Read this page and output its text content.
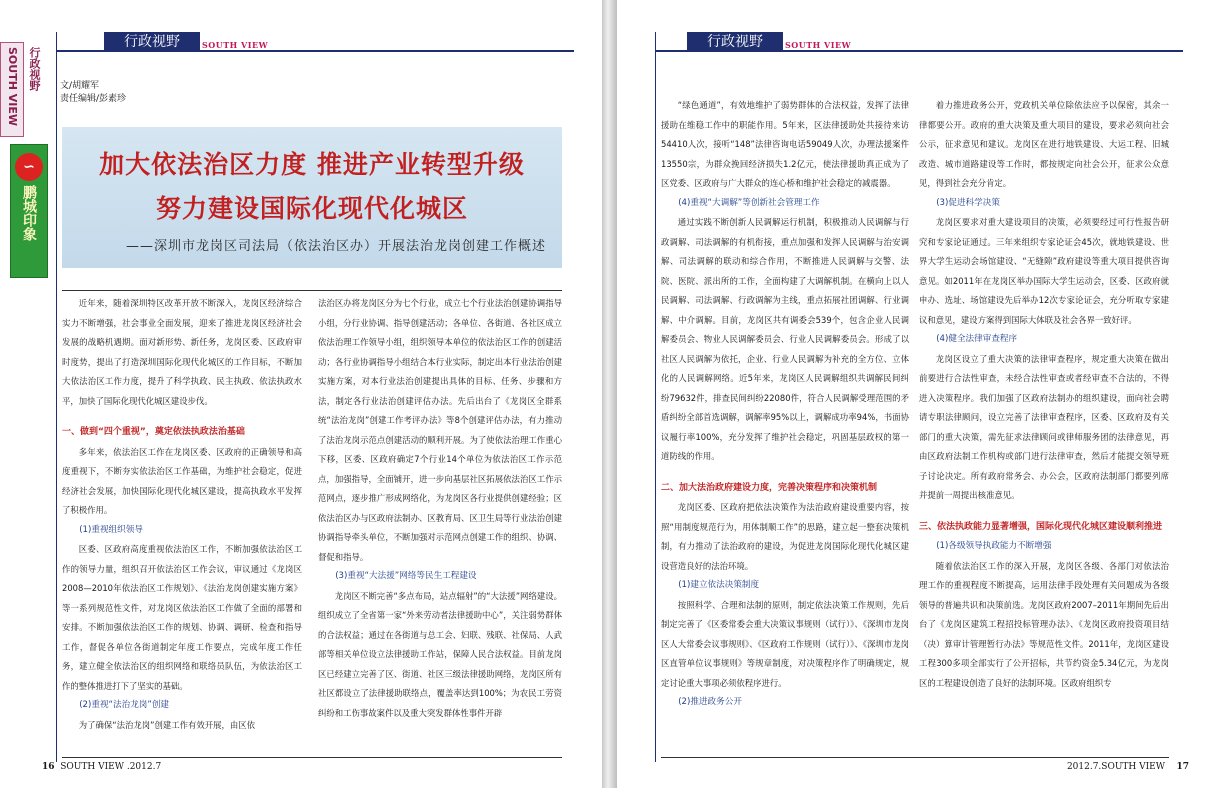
行政视野 SOUTH VIEW
∽
鹏城印象
行政视野	SOUTH VIEW
文/胡耀军
责任编辑/彭素珍
加大依法治区力度 推进产业转型升级
努力建设国际化现代化城区
——深圳市龙岗区司法局（依法治区办）开展法治龙岗创建工作概述

近年来，随着深圳特区改革开放不断深入，龙岗区经济综合实力不断增强，社会事业全面发展，迎来了推进龙岗区经济社会发展的战略机遇期。面对新形势、新任务，龙岗区委、区政府审时度势，提出了打造深圳国际化现代化城区的工作目标，不断加大依法治区工作力度，提升了科学执政、民主执政、依法执政水平，加快了国际化现代化城区建设步伐。

一、做到“四个重视”，奠定依法执政法治基础

多年来，依法治区工作在龙岗区委、区政府的正确领导和高度重视下，不断夯实依法治区工作基础，为维护社会稳定，促进经济社会发展，加快国际化现代化城区建设，提高执政水平发挥了积极作用。

(1)重视组织领导

区委、区政府高度重视依法治区工作，不断加强依法治区工作的领导力量，组织召开依法治区工作会议，审议通过《龙岗区2008—2010年依法治区工作规划》、《法治龙岗创建实施方案》等一系列规范性文件，对龙岗区依法治区工作做了全面的部署和安排。不断加强依法治区工作的规划、协调、调研、检查和指导工作，督促各单位各街道制定年度工作要点，完成年度工作任务，建立健全依法治区的组织网络和联络员队伍，为依法治区工作的整体推进打下了坚实的基础。

(2)重视“法治龙岗”创建

为了确保“法治龙岗”创建工作有效开展，由区依

法治区办将龙岗区分为七个行业，成立七个行业法治创建协调指导小组，分行业协调、指导创建活动；各单位、各街道、各社区成立依法治理工作领导小组，组织领导本单位的依法治区工作的创建活动；各行业协调指导小组结合本行业实际，制定出本行业法治创建实施方案，对本行业法治创建提出具体的目标、任务、步骤和方法，制定各行业法治创建评估办法。先后出台了《龙岗区全群系统“法治龙岗”创建工作考评办法》等8个创建评估办法，有力推动了法治龙岗示范点创建活动的顺利开展。为了使依法治理工作重心下移，区委、区政府确定7个行业14个单位为依法治区工作示范点，加强指导，全面铺开，进一步向基层社区拓展依法治区工作示范网点，逐步推广形成网络化，为龙岗区各行业提供创建经验；区依法治区办与区政府法制办、区教育局、区卫生局等行业法治创建协调指导牵头单位，不断加强对示范网点创建工作的组织、协调、督促和指导。

(3)重视“大法援”网络等民生工程建设

龙岗区不断完善“多点布局，站点辐射”的“大法援”网络建设。组织成立了全省第一家“外来劳动者法律援助中心”，关注弱势群体的合法权益；通过在各街道与总工会、妇联、残联、社保局、人武部等相关单位设立法律援助工作站，保障人民合法权益。目前龙岗区已经建立完善了区、街道、社区三级法律援助网络，龙岗区所有社区都设立了法律援助联络点，覆盖率达到100%；为农民工劳资纠纷和工伤事故案件以及重大突发群体性事件开辟

16 SOUTH VIEW .2012.7
行政视野	SOUTH VIEW

“绿色通道”，有效地维护了弱势群体的合法权益，发挥了法律援助在维稳工作中的职能作用。5年来，区法律援助处共接待来访54410人次，接听“148”法律咨询电话59049人次，办理法援案件13550宗，为群众挽回经济损失1.2亿元，使法律援助真正成为了区党委、区政府与广大群众的连心桥和维护社会稳定的减震器。

(4)重视“大调解”等创新社会管理工作

通过实践不断创新人民调解运行机制，积极推动人民调解与行政调解、司法调解的有机衔接，重点加强和发挥人民调解与治安调解、司法调解的联动和综合作用，不断推进人民调解与交警、法院、医院、派出所的工作，全面构建了大调解机制。在横向上以人民调解、司法调解、行政调解为主线，重点拓展社团调解、行业调解、中介调解。目前，龙岗区共有调委会539个，包含企业人民调解委员会、物业人民调解委员会、行业人民调解委员会。形成了以社区人民调解为依托，企业、行业人民调解为补充的全方位、立体化的人民调解网络。近5年来，龙岗区人民调解组织共调解民间纠纷79632件，排查民间纠纷22080件，符合人民调解受理范围的矛盾纠纷全部首选调解，调解率95%以上，调解成功率94%，书面协议履行率100%，充分发挥了维护社会稳定，巩固基层政权的第一道防线的作用。

二、加大法治政府建设力度，完善决策程序和决策机制

龙岗区委、区政府把依法决策作为法治政府建设重要内容，按照“用制度规范行为，用体制顺工作”的思路，建立起一整套决策机制，有力推动了法治政府的建设，为促进龙岗国际化现代化城区建设营造良好的法治环境。

(1)建立依法决策制度

按照科学、合理和法制的原则，制定依法决策工作规则，先后制定完善了《区委常委会重大决策议事规则（试行）》、《深圳市龙岗区人大常委会议事规则》、《区政府工作规则（试行）》、《深圳市龙岗区直管单位议事规则》等规章制度，对决策程序作了明确规定，规定讨论重大事项必须依程序进行。

(2)推进政务公开

着力推进政务公开，党政机关单位除依法应予以保密，其余一律都要公开。政府的重大决策及重大项目的建设，要求必须向社会公示，征求意见和建议。龙岗区在进行地铁建设、大运工程、旧城改造、城市道路建设等工作时，都按规定向社会公开，征求公众意见，得到社会充分肯定。

(3)促进科学决策

龙岗区要求对重大建设项目的决策，必须要经过可行性报告研究和专家论证通过。三年来组织专家论证会45次，就地铁建设、世界大学生运动会场馆建设、“无缝隙”政府建设等重大项目提供咨询意见。如2011年在龙岗区举办国际大学生运动会，区委、区政府就申办、选址、场馆建设先后举办12次专家论证会，充分听取专家建议和意见，建设方案得到国际大体联及社会各界一致好评。

(4)健全法律审查程序

龙岗区设立了重大决策的法律审查程序，规定重大决策在做出前要进行合法性审查，未经合法性审查或者经审查不合法的，不得进入决策程序。我们加强了区政府法制办的组织建设，面向社会聘请专职法律顾问，设立完善了法律审查程序，区委、区政府及有关部门的重大决策，需先征求法律顾问或律师服务团的法律意见，再由区政府法制工作机构或部门进行法律审查，然后才能提交领导班子讨论决定。所有政府常务会、办公会，区政府法制部门都要列席并提前一周提出核准意见。

三、依法执政能力显著增强，国际化现代化城区建设顺利推进

(1)各级领导执政能力不断增强

随着依法治区工作的深入开展，龙岗区各级、各部门对依法治理工作的重视程度不断提高，运用法律手段处理有关问题成为各级领导的普遍共识和决策前选。龙岗区政府2007–2011年期间先后出台了《龙岗区建筑工程招投标管理办法》、《龙岗区政府投资项目结（决）算审计管理暂行办法》等规范性文件。2011年，龙岗区建设工程300多项全部实行了公开招标，共节约资金5.34亿元，为龙岗区的工程建设创造了良好的法制环境。区政府组织专

2012.7.SOUTH VIEW 17
